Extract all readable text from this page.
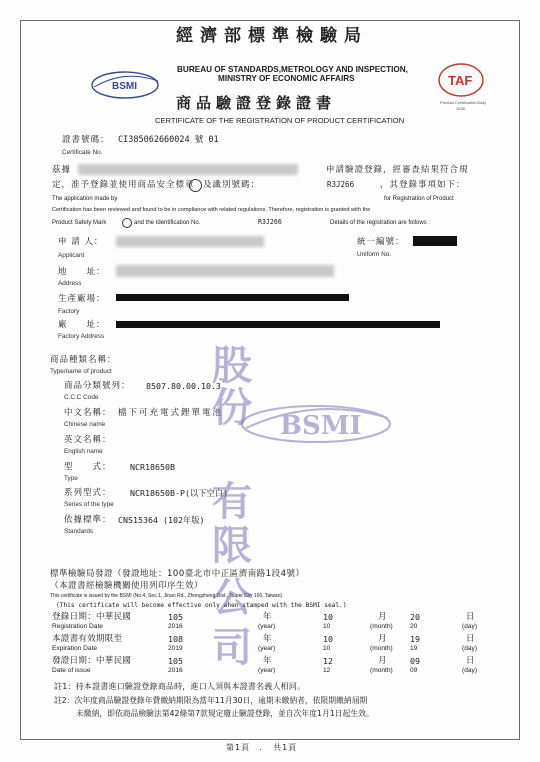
經濟部標準檢驗局
BUREAU OF STANDARDS,METROLOGY AND INSPECTION,
MINISTRY OF ECONOMIC AFFAIRS
BSMI	TAF
Product Certification Body
1028
商品驗證登錄證書
CERTIFICATE OF THE REGISTRATION OF PRODUCT CERTIFICATION
證書號碼： CI385062660024 號 01
Certificate No.
茲據	申請驗證登錄，經審查結果符合規
定，准予登錄並使用商品安全標章 及識別號碼：	R3J266	，其登錄事項如下：
The application made by	for Registration of Product
Certification has been reviewed and found to be in compliance with related regulations. Therefore, registration is granted with the
Product Safety Mark	and the Identification No.	R3J266	Details of the registration are follows :
申 請 人：
Applicant
統一編號：
Uniform No.
地　　址：
Address
生產廠場：
Factory
廠　　址：
Factory Address
商品種類名稱：
Type/name of product
商品分類號列： 8507.80.00.10.3
C.C.C Code
中文名稱： 檔下可充電式鋰單電池
Chinese name
英文名稱：
English name
型　　式： NCR18650B
Type
系列型式： NCR18650B-P(以下空白)
Series of the type
依據標準： CNS15364 (102年版)
Standards
標準檢驗局發證（發證地址：100臺北市中正區濟南路1段4號）
（本證書經檢驗機關使用列印序生效）
This certificate is issued by the BSMI (No.4, Sec.1, Jinan Rd., Zhongzheng Dist., Taipei City 100, Taiwan)
(This certificate will become effective only when stamped with the BSMI seal.)
登錄日期：中華民國	105	年	10	月	20	日
Registration Date	2016	(year)	10	(month)	20	(day)
本證書有效期限至	108	年	10	月	19	日
Expiration Date	2019	(year)	10	(month)	19	(day)
發證日期：中華民國	105	年	12	月	09	日
Date of issue	2016	(year)	12	(month)	09	(day)
註1：持本證書進口驗證登錄商品時，進口人須與本證書名義人相同。
註2：次年度商品驗證登錄年費繳納期限為當年11月30日，逾期未繳納者，依限期繳納屆期
未繳納，即依商品檢驗法第42條第7款規定廢止驗證登錄，並自次年度1月1日起生效。
第1頁　．　共1頁
股
份
有
限
公
司
BSMI
